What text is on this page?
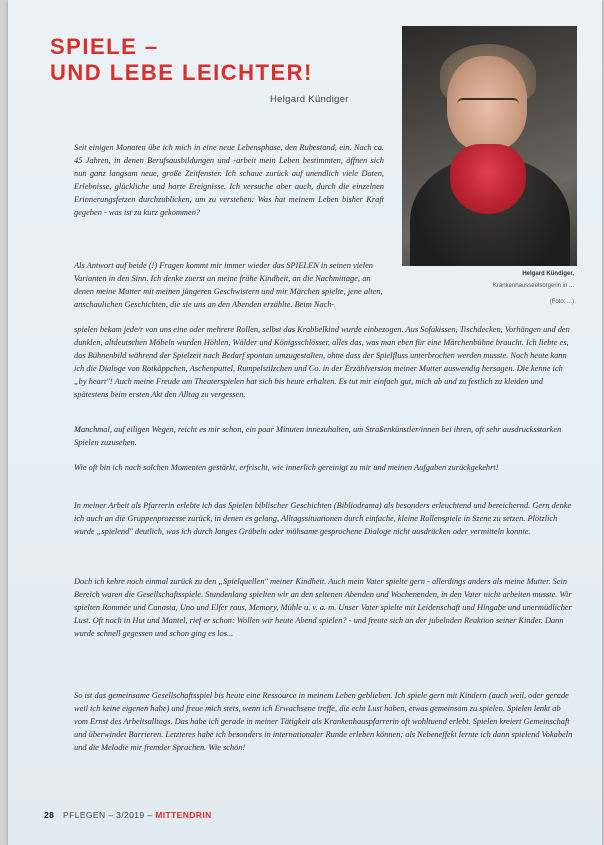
SPIELE –
UND LEBE LEICHTER!
Helgard Kündiger
Helgard Kündiger,
Krankenhausseelsorgerin in ...
(Foto: ...)

Seit einigen Monaten übe ich mich in eine neue Lebensphase, den Ruhestand, ein. Nach ca. 45 Jahren, in denen Berufsausbildungen und -arbeit mein Leben bestimmten, öffnen sich nun ganz langsam neue, große Zeitfenster. Ich schaue zurück auf unendlich viele Daten, Erlebnisse, glückliche und harte Ereignisse. Ich versuche aber auch, durch die einzelnen Erinnerungsfetzen durchzublicken, um zu verstehen: Was hat meinem Leben bisher Kraft gegeben - was ist zu kurz gekommen?

Als Antwort auf beide (!) Fragen kommt mir immer wieder das SPIELEN in seinen vielen Varianten in den Sinn. Ich denke zuerst an meine frühe Kindheit, an die Nachmittage, an denen meine Mutter mit meinen jüngeren Geschwistern und mir Märchen spielte, jene alten, anschaulichen Geschichten, die sie uns an den Abenden erzählte. Beim Nach-

spielen bekam jede/r von uns eine oder mehrere Rollen, selbst das Krabbelkind wurde einbezogen. Aus Sofakissen, Tischdecken, Vorhängen und den dunklen, altdeutschen Möbeln wurden Höhlen, Wälder und Königsschlösser, alles das, was man eben für eine Märchenbühne braucht. Ich liebte es, das Bühnenbild während der Spielzeit nach Bedarf spontan umzugestalten, ohne dass der Spielfluss unterbrochen werden musste. Noch heute kann ich die Dialoge von Rotkäppchen, Aschenputtel, Rumpelstilzchen und Co. in der Erzählversion meiner Mutter auswendig hersagen. Die kenne ich „by heart"! Auch meine Freude am Theaterspielen hat sich bis heute erhalten. Es tut mir einfach gut, mich ab und zu festlich zu kleiden und spätestens beim ersten Akt den Alltag zu vergessen.

Manchmal, auf eiligen Wegen, reicht es mir schon, ein paar Minuten innezuhalten, um Straßenkünstler/innen bei ihren, oft sehr ausdrucksstarken Spielen zuzusehen.

Wie oft bin ich nach solchen Momenten gestärkt, erfrischt, wie innerlich gereinigt zu mir und meinen Aufgaben zurückgekehrt!

In meiner Arbeit als Pfarrerin erlebte ich das Spielen biblischer Geschichten (Bibliodrama) als besonders erleuchtend und bereichernd. Gern denke ich auch an die Gruppenprozesse zurück, in denen es gelang, Alltagssituationen durch einfache, kleine Rollenspiele in Szene zu setzen. Plötzlich wurde „spielend" deutlich, was ich durch langes Grübeln oder mühsame gesprochene Dialoge nicht ausdrücken oder vermitteln konnte.

Doch ich kehre noch einmal zurück zu den „Spielquellen" meiner Kindheit. Auch mein Vater spielte gern - allerdings anders als meine Mutter. Sein Bereich waren die Gesellschaftsspiele. Stundenlang spielten wir an den seltenen Abenden und Wochenenden, in den Vater nicht arbeiten musste. Wir spielten Rommée und Canasta, Uno und Elfer raus, Memory, Mühle u. v. a. m. Unser Vater spielte mit Leidenschaft und Hingabe und unermüdlicher Lust. Oft noch in Hut und Mantel, rief er schon: Wollen wir heute Abend spielen? - und freute sich an der jubelnden Reaktion seiner Kinder. Dann wurde schnell gegessen und schon ging es los...

So ist das gemeinsame Gesellschaftsspiel bis heute eine Ressource in meinem Leben geblieben. Ich spiele gern mit Kindern (auch weil, oder gerade weil ich keine eigenen habe) und freue mich stets, wenn ich Erwachsene treffe, die echt Lust haben, etwas gemeinsam zu spielen. Spielen lenkt ab vom Ernst des Arbeitsalltags. Das habe ich gerade in meiner Tätigkeit als Krankenhauspfarrerin oft wohltuend erlebt. Spielen kreiert Gemeinschaft und überwindet Barrieren. Letzteres habe ich besonders in internationaler Runde erleben können; als Nebeneffekt lernte ich dann spielend Vokabeln und die Melodie mir fremder Sprachen. Wie schön!

28 PFLEGEN – 3/2019 – MITTENDRIN
